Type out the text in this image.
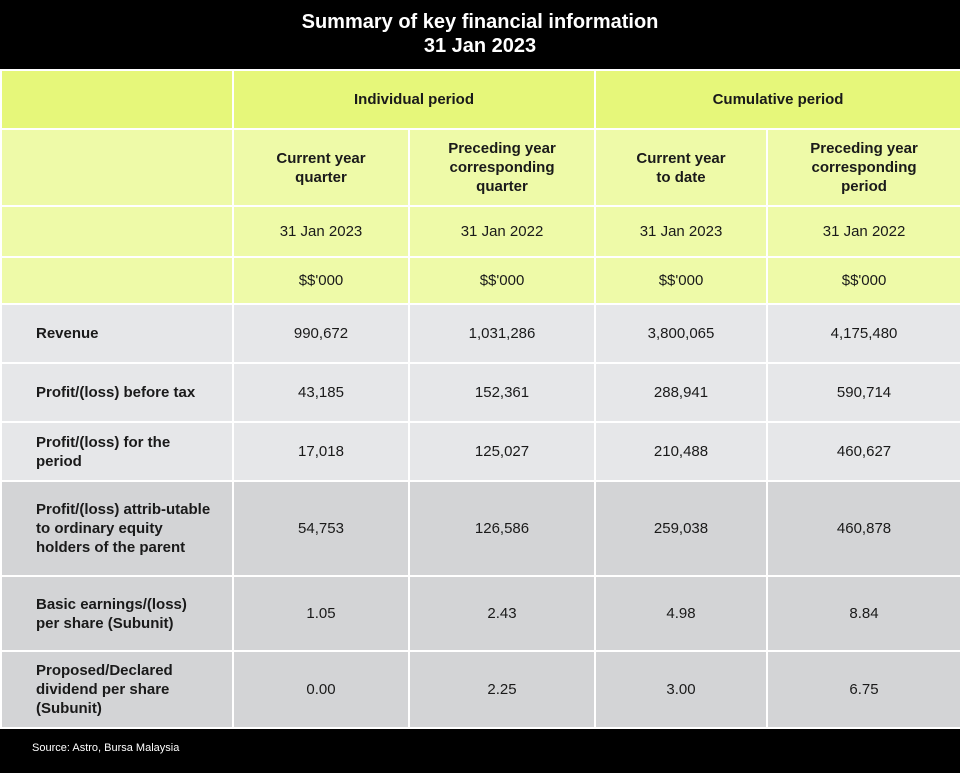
Summary of key financial information
31 Jan 2023
	Individual period		Cumulative period	
	Current year quarter	Preceding year corresponding quarter	Current year to date	Preceding year corresponding period
	31 Jan 2023	31 Jan 2022	31 Jan 2023	31 Jan 2022
	$$'000	$$'000	$$'000	$$'000
Revenue	990,672	1,031,286	3,800,065	4,175,480
Profit/(loss) before tax	43,185	152,361	288,941	590,714
Profit/(loss) for the period	17,018	125,027	210,488	460,627
Profit/(loss) attrib-utable to ordinary equity holders of the parent	54,753	126,586	259,038	460,878
Basic earnings/(loss) per share (Subunit)	1.05	2.43	4.98	8.84
Proposed/Declared dividend per share (Subunit)	0.00	2.25	3.00	6.75
Source: Astro, Bursa Malaysia
